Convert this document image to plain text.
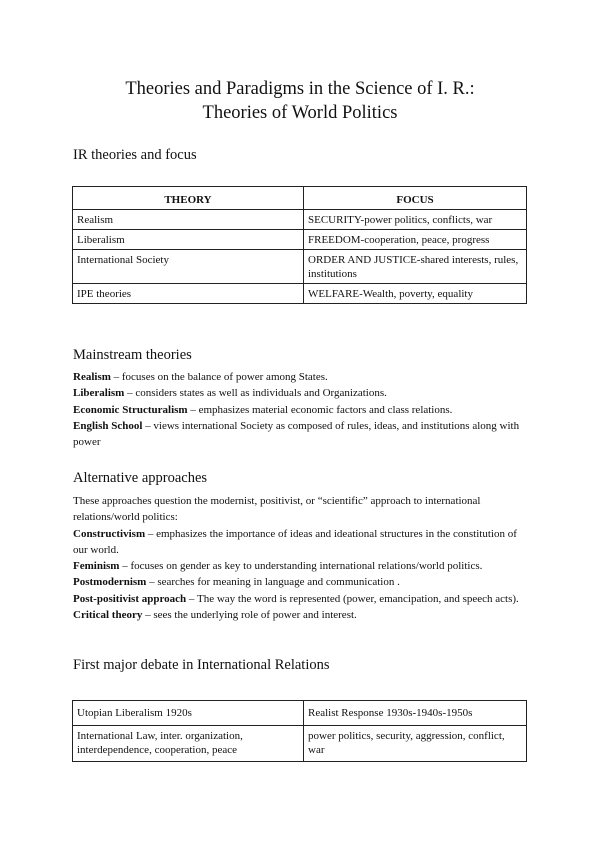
Theories and Paradigms in the Science of I. R.:
Theories of World Politics
IR theories and focus
THEORY	FOCUS
Realism	SECURITY-power politics, conflicts, war
Liberalism	FREEDOM-cooperation, peace, progress
International Society	ORDER AND JUSTICE-shared interests, rules, institutions
IPE theories	WELFARE-Wealth, poverty, equality
Mainstream theories

Realism – focuses on the balance of power among States.

Liberalism – considers states as well as individuals and Organizations.

Economic Structuralism – emphasizes material economic factors and class relations.

English School – views international Society as composed of rules, ideas, and institutions along with power

Alternative approaches

These approaches question the modernist, positivist, or “scientific” approach to international relations/world politics:

Constructivism – emphasizes the importance of ideas and ideational structures in the constitution of our world.

Feminism – focuses on gender as key to understanding international relations/world politics.

Postmodernism – searches for meaning in language and communication .

Post-positivist approach – The way the word is represented (power, emancipation, and speech acts).

Critical theory – sees the underlying role of power and interest.

First major debate in International Relations
Utopian Liberalism 1920s	Realist Response 1930s-1940s-1950s
International Law, inter. organization, interdependence, cooperation, peace	power politics, security, aggression, conflict, war
